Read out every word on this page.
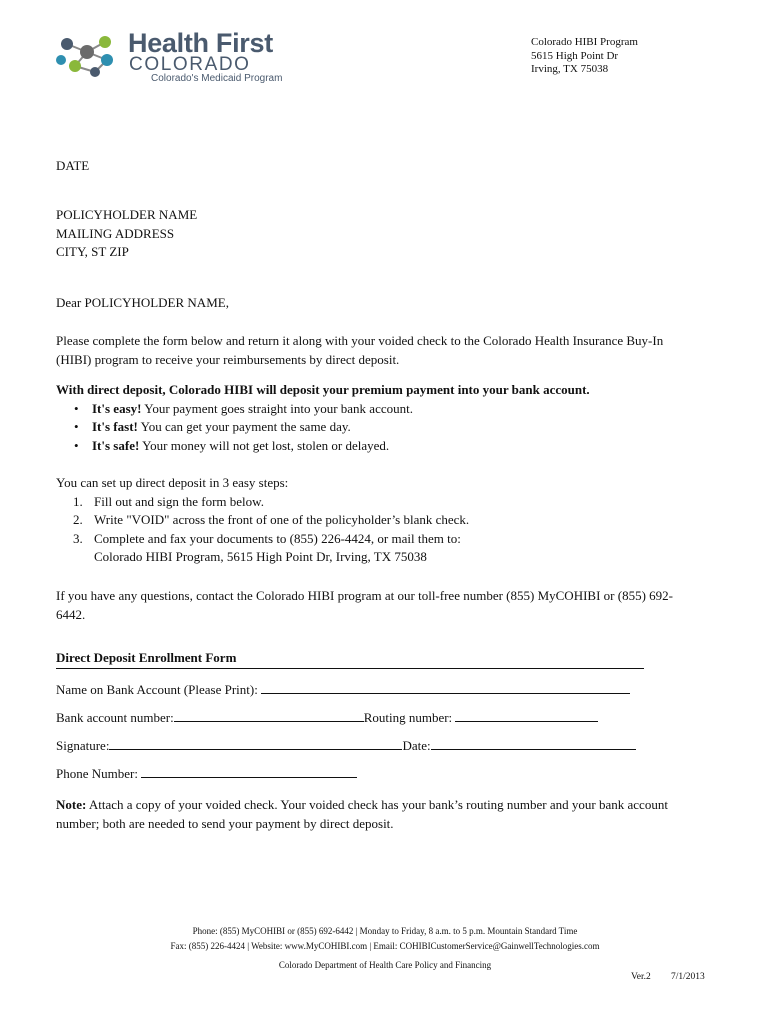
Health First
COLORADO
Colorado's Medicaid Program
Colorado HIBI Program
5615 High Point Dr
Irving, TX 75038
DATE
POLICYHOLDER NAME
MAILING ADDRESS
CITY, ST ZIP
Dear POLICYHOLDER NAME,
Please complete the form below and return it along with your voided check to the Colorado Health Insurance Buy-In (HIBI) program to receive your reimbursements by direct deposit.
With direct deposit, Colorado HIBI will deposit your premium payment into your bank account.
• It's easy! Your payment goes straight into your bank account.
• It's fast! You can get your payment the same day.
• It's safe! Your money will not get lost, stolen or delayed.
You can set up direct deposit in 3 easy steps:
1. Fill out and sign the form below.
2. Write "VOID" across the front of one of the policyholder’s blank check.
3. Complete and fax your documents to (855) 226-4424, or mail them to:
Colorado HIBI Program, 5615 High Point Dr, Irving, TX 75038
If you have any questions, contact the Colorado HIBI program at our toll-free number (855) MyCOHIBI or (855) 692-6442.
Direct Deposit Enrollment Form
Name on Bank Account (Please Print):
Bank account number:	Routing number:
Signature:	Date:
Phone Number:
Note: Attach a copy of your voided check. Your voided check has your bank’s routing number and your bank account number; both are needed to send your payment by direct deposit.
Phone: (855) MyCOHIBI or (855) 692-6442 | Monday to Friday, 8 a.m. to 5 p.m. Mountain Standard Time
Fax: (855) 226-4424 | Website: www.MyCOHIBI.com | Email: COHIBICustomerService@GainwellTechnologies.com
Colorado Department of Health Care Policy and Financing
Ver.2 7/1/2013
